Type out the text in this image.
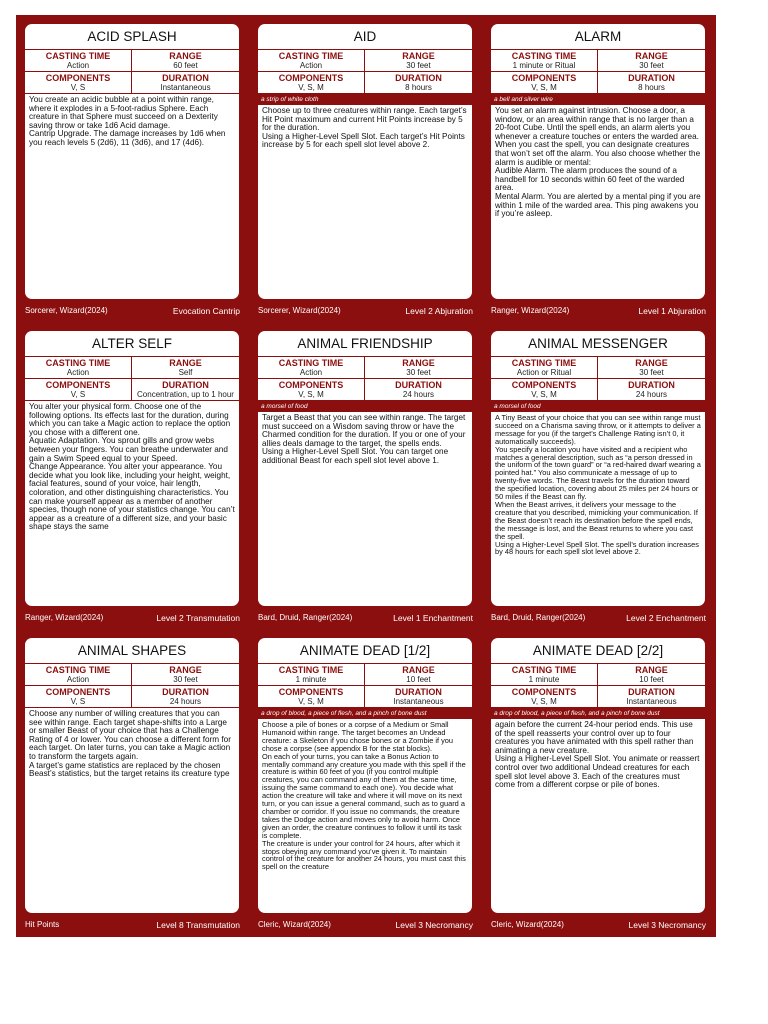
ACID SPLASH
CASTING TIME
Action
RANGE
60 feet
COMPONENTS
V, S
DURATION
Instantaneous

You create an acidic bubble at a point within range, where it explodes in a 5-foot-radius Sphere. Each creature in that Sphere must succeed on a Dexterity saving throw or take 1d6 Acid damage.

Cantrip Upgrade. The damage increases by 1d6 when you reach levels 5 (2d6), 11 (3d6), and 17 (4d6).

Sorcerer, Wizard(2024)	Evocation Cantrip
AID
CASTING TIME
Action
RANGE
30 feet
COMPONENTS
V, S, M
DURATION
8 hours
a strip of white cloth

Choose up to three creatures within range. Each target’s Hit Point maximum and current Hit Points increase by 5 for the duration.

Using a Higher-Level Spell Slot. Each target’s Hit Points increase by 5 for each spell slot level above 2.

Sorcerer, Wizard(2024)	Level 2 Abjuration
ALARM
CASTING TIME
1 minute or Ritual
RANGE
30 feet
COMPONENTS
V, S, M
DURATION
8 hours
a bell and silver wire

You set an alarm against intrusion. Choose a door, a window, or an area within range that is no larger than a 20-foot Cube. Until the spell ends, an alarm alerts you whenever a creature touches or enters the warded area. When you cast the spell, you can designate creatures that won’t set off the alarm. You also choose whether the alarm is audible or mental:

Audible Alarm. The alarm produces the sound of a handbell for 10 seconds within 60 feet of the warded area.

Mental Alarm. You are alerted by a mental ping if you are within 1 mile of the warded area. This ping awakens you if you’re asleep.

Ranger, Wizard(2024)	Level 1 Abjuration
ALTER SELF
CASTING TIME
Action
RANGE
Self
COMPONENTS
V, S
DURATION
Concentration, up to 1 hour

You alter your physical form. Choose one of the following options. Its effects last for the duration, during which you can take a Magic action to replace the option you chose with a different one.

Aquatic Adaptation. You sprout gills and grow webs between your fingers. You can breathe underwater and gain a Swim Speed equal to your Speed.

Change Appearance. You alter your appearance. You decide what you look like, including your height, weight, facial features, sound of your voice, hair length, coloration, and other distinguishing characteristics. You can make yourself appear as a member of another species, though none of your statistics change. You can’t appear as a creature of a different size, and your basic shape stays the same

Ranger, Wizard(2024)	Level 2 Transmutation
ANIMAL FRIENDSHIP
CASTING TIME
Action
RANGE
30 feet
COMPONENTS
V, S, M
DURATION
24 hours
a morsel of food

Target a Beast that you can see within range. The target must succeed on a Wisdom saving throw or have the Charmed condition for the duration. If you or one of your allies deals damage to the target, the spells ends.

Using a Higher-Level Spell Slot. You can target one additional Beast for each spell slot level above 1.

Bard, Druid, Ranger(2024)	Level 1 Enchantment
ANIMAL MESSENGER
CASTING TIME
Action or Ritual
RANGE
30 feet
COMPONENTS
V, S, M
DURATION
24 hours
a morsel of food

A Tiny Beast of your choice that you can see within range must succeed on a Charisma saving throw, or it attempts to deliver a message for you (if the target’s Challenge Rating isn’t 0, it automatically succeeds).

You specify a location you have visited and a recipient who matches a general description, such as “a person dressed in the uniform of the town guard” or “a red-haired dwarf wearing a pointed hat.” You also communicate a message of up to twenty-five words. The Beast travels for the duration toward the specified location, covering about 25 miles per 24 hours or 50 miles if the Beast can fly.

When the Beast arrives, it delivers your message to the creature that you described, mimicking your communication. If the Beast doesn’t reach its destination before the spell ends, the message is lost, and the Beast returns to where you cast the spell.

Using a Higher-Level Spell Slot. The spell’s duration increases by 48 hours for each spell slot level above 2.

Bard, Druid, Ranger(2024)	Level 2 Enchantment
ANIMAL SHAPES
CASTING TIME
Action
RANGE
30 feet
COMPONENTS
V, S
DURATION
24 hours

Choose any number of willing creatures that you can see within range. Each target shape-shifts into a Large or smaller Beast of your choice that has a Challenge Rating of 4 or lower. You can choose a different form for each target. On later turns, you can take a Magic action to transform the targets again.

A target’s game statistics are replaced by the chosen Beast’s statistics, but the target retains its creature type

Hit Points	Level 8 Transmutation
ANIMATE DEAD [1/2]
CASTING TIME
1 minute
RANGE
10 feet
COMPONENTS
V, S, M
DURATION
Instantaneous
a drop of blood, a piece of flesh, and a pinch of bone dust

Choose a pile of bones or a corpse of a Medium or Small Humanoid within range. The target becomes an Undead creature: a Skeleton if you chose bones or a Zombie if you chose a corpse (see appendix B for the stat blocks).

On each of your turns, you can take a Bonus Action to mentally command any creature you made with this spell if the creature is within 60 feet of you (if you control multiple creatures, you can command any of them at the same time, issuing the same command to each one). You decide what action the creature will take and where it will move on its next turn, or you can issue a general command, such as to guard a chamber or corridor. If you issue no commands, the creature takes the Dodge action and moves only to avoid harm. Once given an order, the creature continues to follow it until its task is complete.

The creature is under your control for 24 hours, after which it stops obeying any command you’ve given it. To maintain control of the creature for another 24 hours, you must cast this spell on the creature

Cleric, Wizard(2024)	Level 3 Necromancy
ANIMATE DEAD [2/2]
CASTING TIME
1 minute
RANGE
10 feet
COMPONENTS
V, S, M
DURATION
Instantaneous
a drop of blood, a piece of flesh, and a pinch of bone dust

again before the current 24-hour period ends. This use of the spell reasserts your control over up to four creatures you have animated with this spell rather than animating a new creature.

Using a Higher-Level Spell Slot. You animate or reassert control over two additional Undead creatures for each spell slot level above 3. Each of the creatures must come from a different corpse or pile of bones.

Cleric, Wizard(2024)	Level 3 Necromancy
